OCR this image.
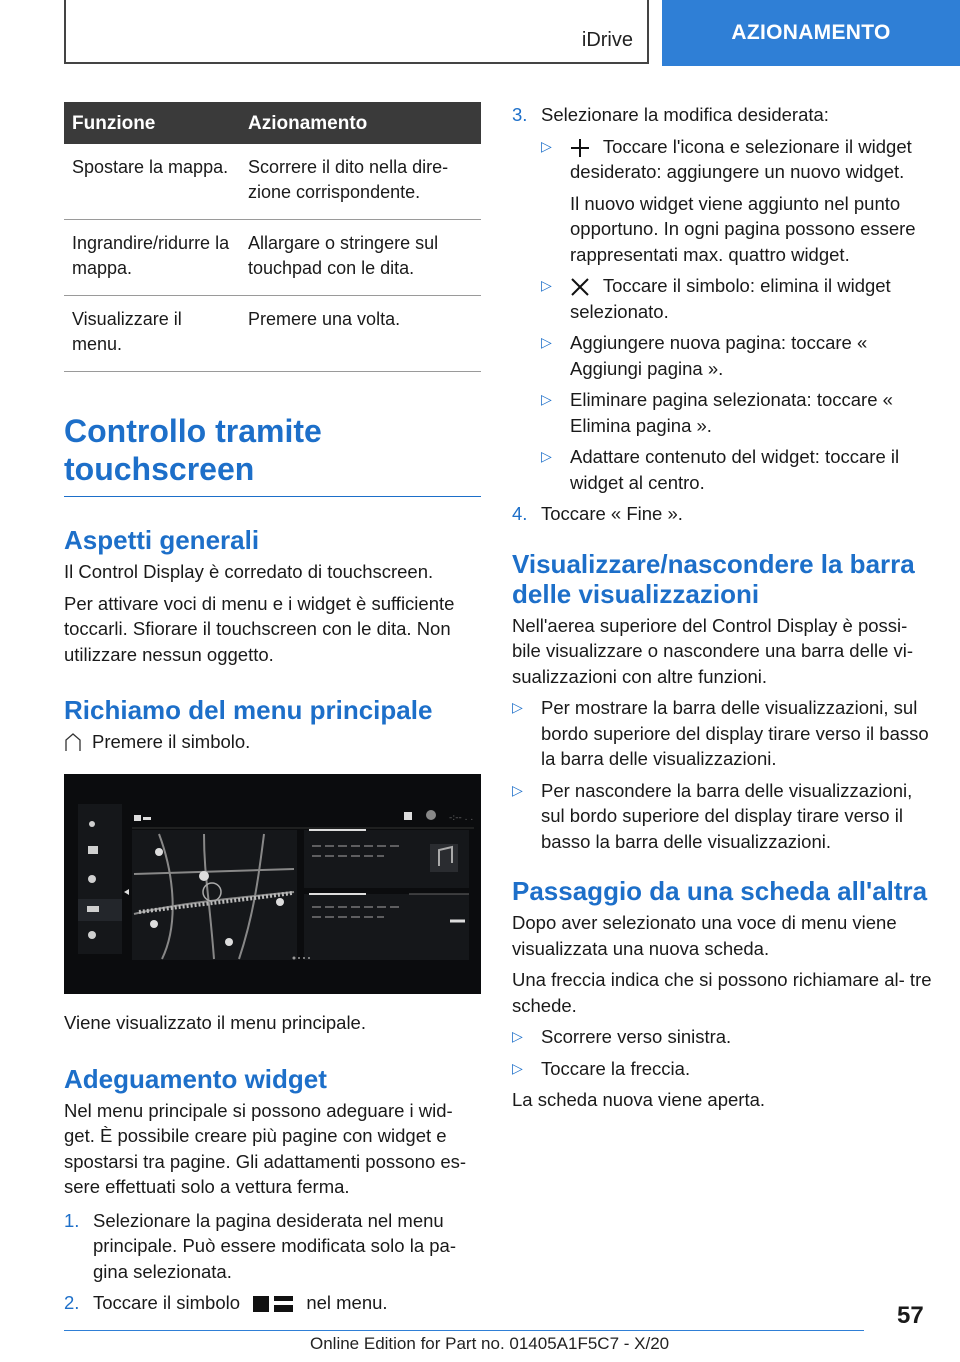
iDrive	AZIONAMENTO
Funzione	Azionamento
Spostare la mappa.	Scorrere il dito nella dire- zione corrispondente.
Ingrandire/ridurre la mappa.	Allargare o stringere sul touchpad con le dita.
Visualizzare il menu.	Premere una volta.
Controllo tramite touchscreen
Aspetti generali

Il Control Display è corredato di touchscreen.

Per attivare voci di menu e i widget è sufficiente toccarli. Sfiorare il touchscreen con le dita. Non utilizzare nessun oggetto.

Richiamo del menu principale
Premere il simbolo.
-:-- . .

Viene visualizzato il menu principale.

Adeguamento widget

Nel menu principale si possono adeguare i wid- get. È possibile creare più pagine con widget e spostarsi tra pagine. Gli adattamenti possono es- sere effettuati solo a vettura ferma.

1. Selezionare la pagina desiderata nel menu principale. Può essere modificata solo la pa- gina selezionata.
2. Toccare il simbolo	nel menu.
3. Selezionare la modifica desiderata:
▷	Toccare l'icona e selezionare il widget desiderato: aggiungere un nuovo widget.
Il nuovo widget viene aggiunto nel punto opportuno. In ogni pagina possono essere rappresentati max. quattro widget.
▷	Toccare il simbolo: elimina il widget selezionato.
▷ Aggiungere nuova pagina: toccare « Aggiungi pagina ».
▷ Eliminare pagina selezionata: toccare « Elimina pagina ».
▷ Adattare contenuto del widget: toccare il widget al centro.
4. Toccare « Fine ».
Visualizzare/nascondere la barra delle visualizzazioni

Nell'aerea superiore del Control Display è possi- bile visualizzare o nascondere una barra delle vi- sualizzazioni con altre funzioni.

▷ Per mostrare la barra delle visualizzazioni, sul bordo superiore del display tirare verso il basso la barra delle visualizzazioni.
▷ Per nascondere la barra delle visualizzazioni, sul bordo superiore del display tirare verso il basso la barra delle visualizzazioni.
Passaggio da una scheda all'altra

Dopo aver selezionato una voce di menu viene visualizzata una nuova scheda.

Una freccia indica che si possono richiamare al- tre schede.

▷ Scorrere verso sinistra.
▷ Toccare la freccia.

La scheda nuova viene aperta.

57
Online Edition for Part no. 01405A1F5C7 - X/20
